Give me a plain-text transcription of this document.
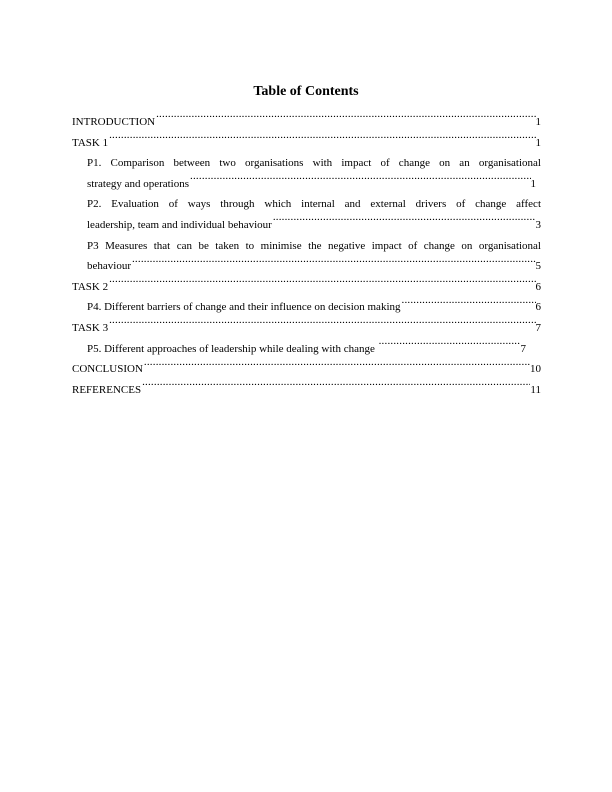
Table of Contents
INTRODUCTION .....	1
TASK 1 .....	1
P1. Comparison between two organisations with impact of change on an organisational
strategy and operations .....	1
P2. Evaluation of ways through which internal and external drivers of change affect
leadership, team and individual behaviour .....	3
P3 Measures that can be taken to minimise the negative impact of change on organisational
behaviour .....	5
TASK 2 .....	6
P4. Different barriers of change and their influence on decision making .....	6
TASK 3 .....	7
P5. Different approaches of leadership while dealing with change .....	7
CONCLUSION .....	10
REFERENCES .....	11
